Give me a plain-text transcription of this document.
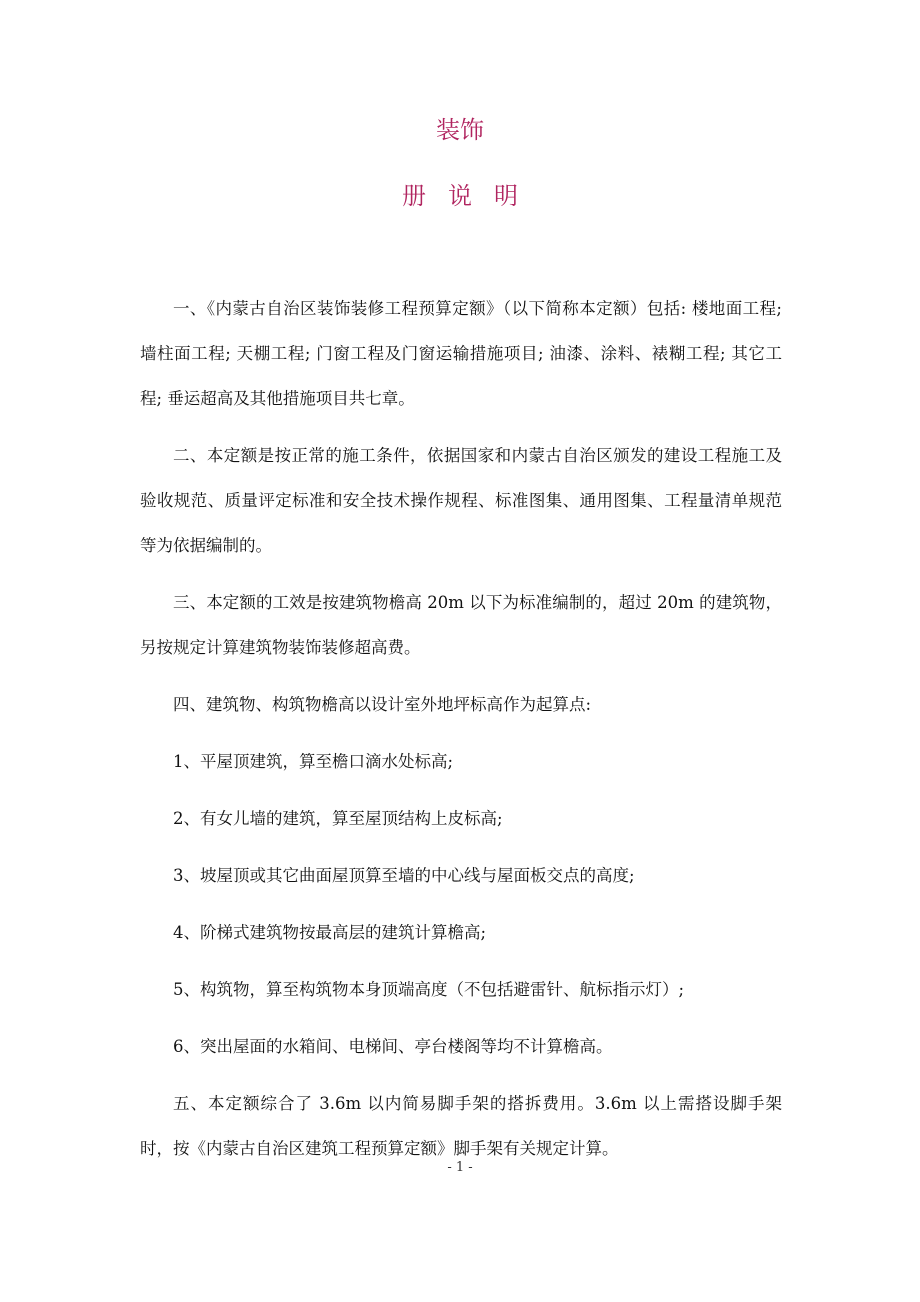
装饰
册说明

一、《内蒙古自治区装饰装修工程预算定额》（以下简称本定额）包括: 楼地面工程; 墙柱面工程; 天棚工程; 门窗工程及门窗运输措施项目; 油漆、涂料、裱糊工程; 其它工程; 垂运超高及其他措施项目共七章。

二、本定额是按正常的施工条件，依据国家和内蒙古自治区颁发的建设工程施工及验收规范、质量评定标准和安全技术操作规程、标准图集、通用图集、工程量清单规范等为依据编制的。

三、本定额的工效是按建筑物檐高 20m 以下为标准编制的，超过 20m 的建筑物，另按规定计算建筑物装饰装修超高费。

四、建筑物、构筑物檐高以设计室外地坪标高作为起算点:

1、平屋顶建筑，算至檐口滴水处标高;

2、有女儿墙的建筑，算至屋顶结构上皮标高;

3、坡屋顶或其它曲面屋顶算至墙的中心线与屋面板交点的高度;

4、阶梯式建筑物按最高层的建筑计算檐高;

5、构筑物，算至构筑物本身顶端高度（不包括避雷针、航标指示灯）;

6、突出屋面的水箱间、电梯间、亭台楼阁等均不计算檐高。

五、本定额综合了 3.6m 以内简易脚手架的搭拆费用。3.6m 以上需搭设脚手架时，按《内蒙古自治区建筑工程预算定额》脚手架有关规定计算。

- 1 -
